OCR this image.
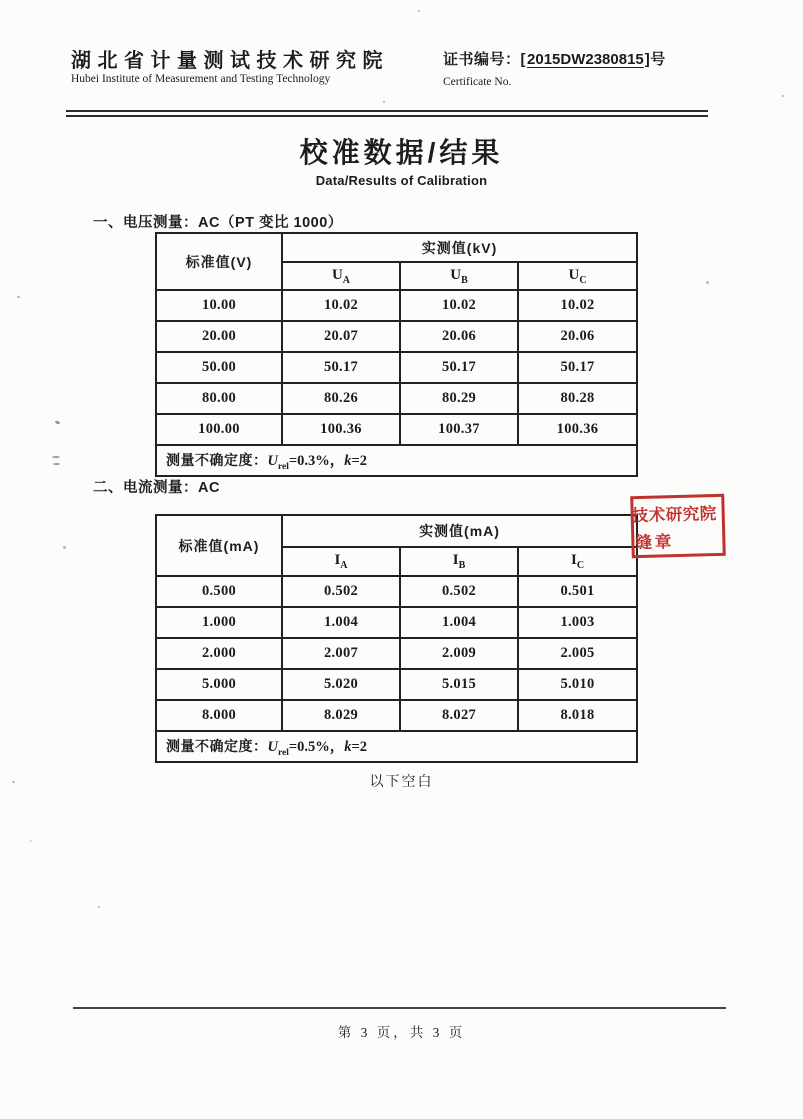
湖北省计量测试技术研究院
Hubei Institute of Measurement and Testing Technology
证书编号：[2015DW2380815]号
Certificate No.
校准数据/结果
Data/Results of Calibration
一、电压测量：AC（PT 变比 1000）
标准值(V)	实测值(kV)		
	$U_A$	$U_B$	$U_C$
10.00	10.02	10.02	10.02
20.00	20.07	20.06	20.06
50.00	50.17	50.17	50.17
80.00	80.26	80.29	80.28
100.00	100.36	100.37	100.36
测量不确定度：$U_{rel}=0.3\%$，k=2			
二、电流测量：AC
标准值(mA)	实测值(mA)		
	$I_A$	$I_B$	$I_C$
0.500	0.502	0.502	0.501
1.000	1.004	1.004	1.003
2.000	2.007	2.009	2.005
5.000	5.020	5.015	5.010
8.000	8.029	8.027	8.018
测量不确定度：$U_{rel}=0.5\%$，k=2			
技术研究院
缝章
以下空白
第 3 页，共 3 页
